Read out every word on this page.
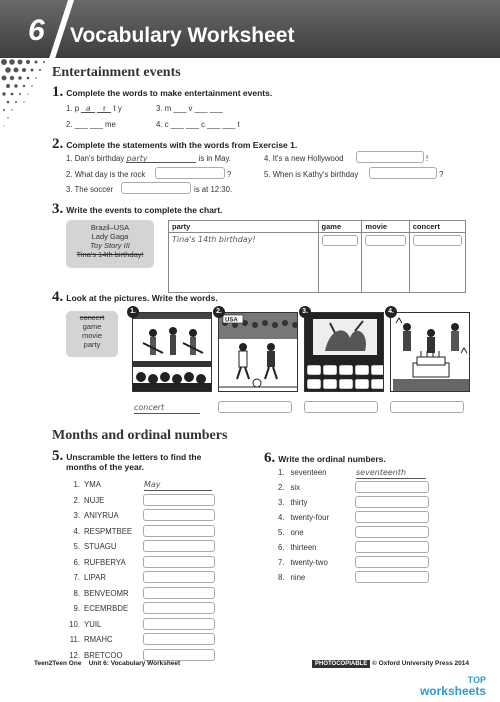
6 Vocabulary Worksheet
Entertainment events
1. Complete the words to make entertainment events.
1. p a r t y
2. ___ ___ me
3. m ___ v ___ ___
4. c ___ ___ c ___ ___ t
2. Complete the statements with the words from Exercise 1.
1. Dan's birthday party	is in May.
2. What day is the rock	?
3. The soccer	is at 12:30.
4. It's a new Hollywood	!
5. When is Kathy's birthday	?
3. Write the events to complete the chart.
Brazil–USA
Lady Gaga
Toy Story III
Tina's 14th birthday!
party	game	movie	concert
Tina's 14th birthday!	

4. Look at the pictures. Write the words.
concert
game
movie
party
1.
USA
2.	3.	4.
concert
Months and ordinal numbers
5. Unscramble the letters to find the
months of the year.
1. YMA	May
2. NUJE
3. ANIYRUA
4. RESPMTBEE
5. STUAGU
6. RUFBERYA
7. LIPAR
8. BENVEOMR
9. ECEMRBDE
10. YUIL
11. RMAHC
12. BRETCOO
6. Write the ordinal numbers.
1. seventeen	seventeenth
2. six
3. thirty
4. twenty-four
5. one
6. thirteen
7. twenty-two
8. nine
Teen2Teen One Unit 6: Vocabulary Worksheet	PHOTOCOPIABLE © Oxford University Press 2014
TOP
worksheets
